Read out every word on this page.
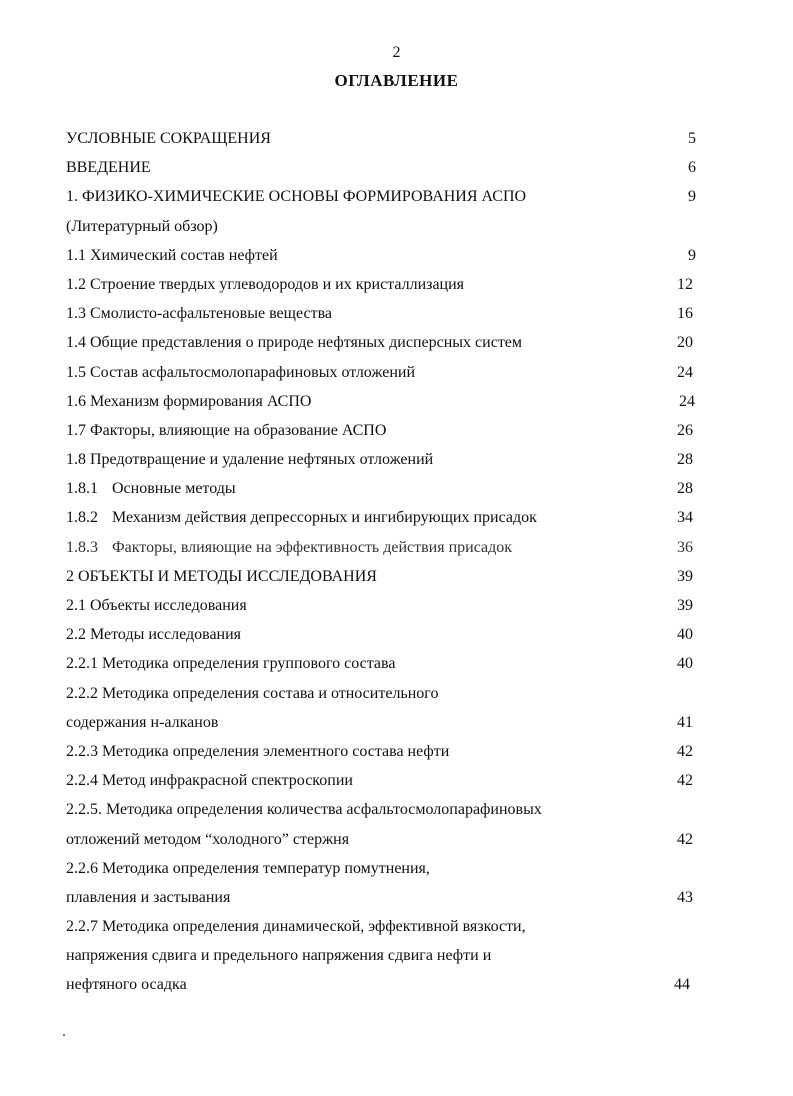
2
ОГЛАВЛЕНИЕ
УСЛОВНЫЕ СОКРАЩЕНИЯ	5
ВВЕДЕНИЕ	6
1. ФИЗИКО-ХИМИЧЕСКИЕ ОСНОВЫ ФОРМИРОВАНИЯ АСПО	9
(Литературный обзор)
1.1 Химический состав нефтей	9
1.2 Строение твердых углеводородов и их кристаллизация	12
1.3 Смолисто-асфальтеновые вещества	16
1.4 Общие представления о природе нефтяных дисперсных систем	20
1.5 Состав асфальтосмолопарафиновых отложений	24
1.6 Механизм формирования АСПО	24
1.7 Факторы, влияющие на образование АСПО	26
1.8 Предотвращение и удаление нефтяных отложений	28
1.8.1 Основные методы	28
1.8.2 Механизм действия депрессорных и ингибирующих присадок	34
1.8.3 Факторы, влияющие на эффективность действия присадок	36
2 ОБЪЕКТЫ И МЕТОДЫ ИССЛЕДОВАНИЯ	39
2.1 Объекты исследования	39
2.2 Методы исследования	40
2.2.1 Методика определения группового состава	40
2.2.2 Методика определения состава и относительного
содержания н-алканов	41
2.2.3 Методика определения элементного состава нефти	42
2.2.4 Метод инфракрасной спектроскопии	42
2.2.5. Методика определения количества асфальтосмолопарафиновых
отложений методом “холодного” стержня	42
2.2.6 Методика определения температур помутнения,
плавления и застывания	43
2.2.7 Методика определения динамической, эффективной вязкости,
напряжения сдвига и предельного напряжения сдвига нефти и
нефтяного осадка	44
